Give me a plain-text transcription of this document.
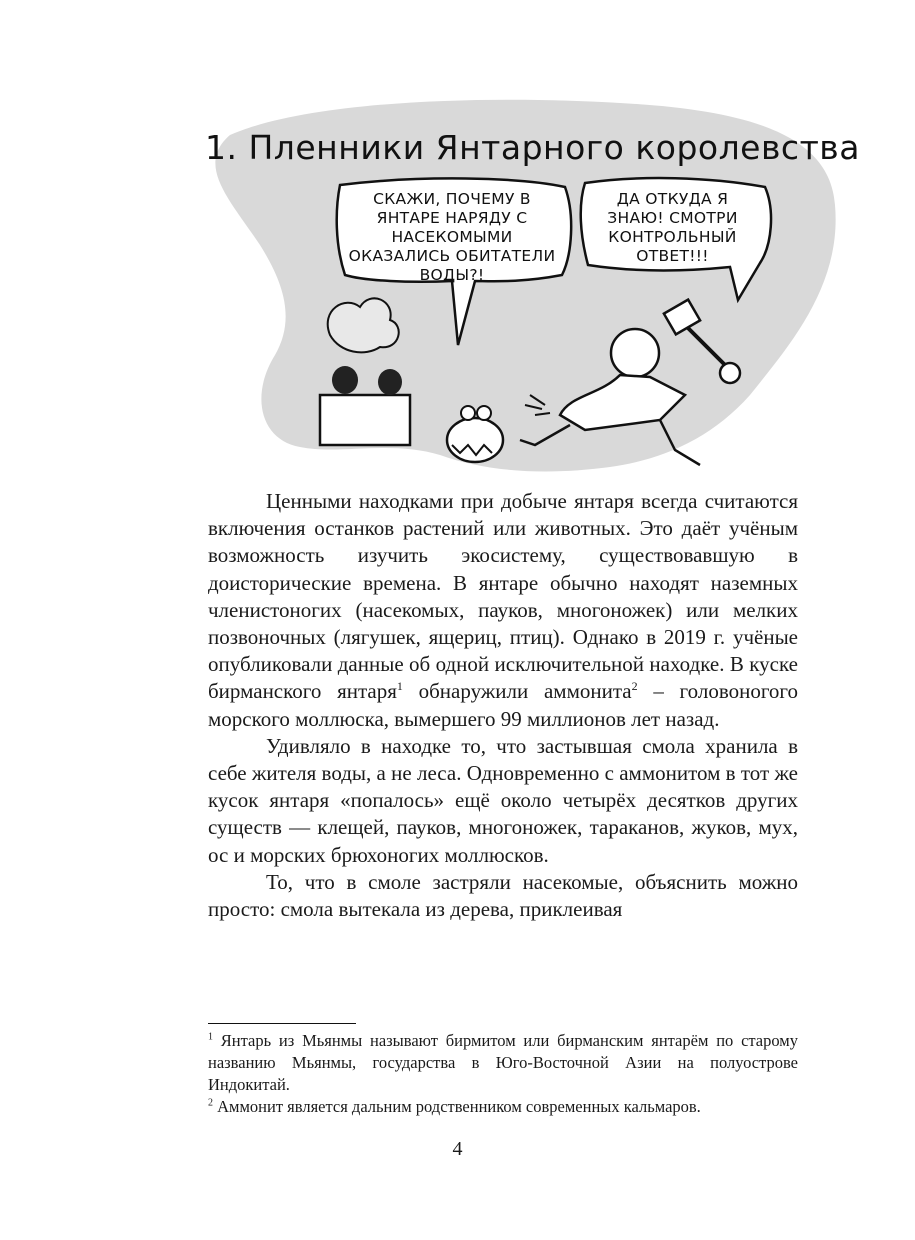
1. Пленники Янтарного королевства
СКАЖИ, ПОЧЕМУ В ЯНТАРЕ НАРЯДУ С НАСЕКОМЫМИ ОКАЗАЛИСЬ ОБИТАТЕЛИ ВОДЫ?!
ДА ОТКУДА Я ЗНАЮ! СМОТРИ КОНТРОЛЬНЫЙ ОТВЕТ!!!

Ценными находками при добыче янтаря всегда считаются включения останков растений или животных. Это даёт учёным возможность изучить экосистему, существовавшую в доисторические времена. В янтаре обычно находят наземных членистоногих (насекомых, пауков, многоножек) или мелких позвоночных (лягушек, ящериц, птиц). Однако в 2019 г. учёные опубликовали данные об одной исключительной находке. В куске бирманского янтаря$^1$ обнаружили аммонита$^2$ – головоногого морского моллюска, вымершего 99 миллионов лет назад.

Удивляло в находке то, что застывшая смола хранила в себе жителя воды, а не леса. Одновременно с аммонитом в тот же кусок янтаря «попалось» ещё около четырёх десятков других существ — клещей, пауков, многоножек, тараканов, жуков, мух, ос и морских брюхоногих моллюсков.

То, что в смоле застряли насекомые, объяснить можно просто: смола вытекала из дерева, приклеивая

$^1$ Янтарь из Мьянмы называют бирмитом или бирманским янтарём по старому названию Мьянмы, государства в Юго-Восточной Азии на полуострове Индокитай.

$^2$ Аммонит является дальним родственником современных кальмаров.

4
